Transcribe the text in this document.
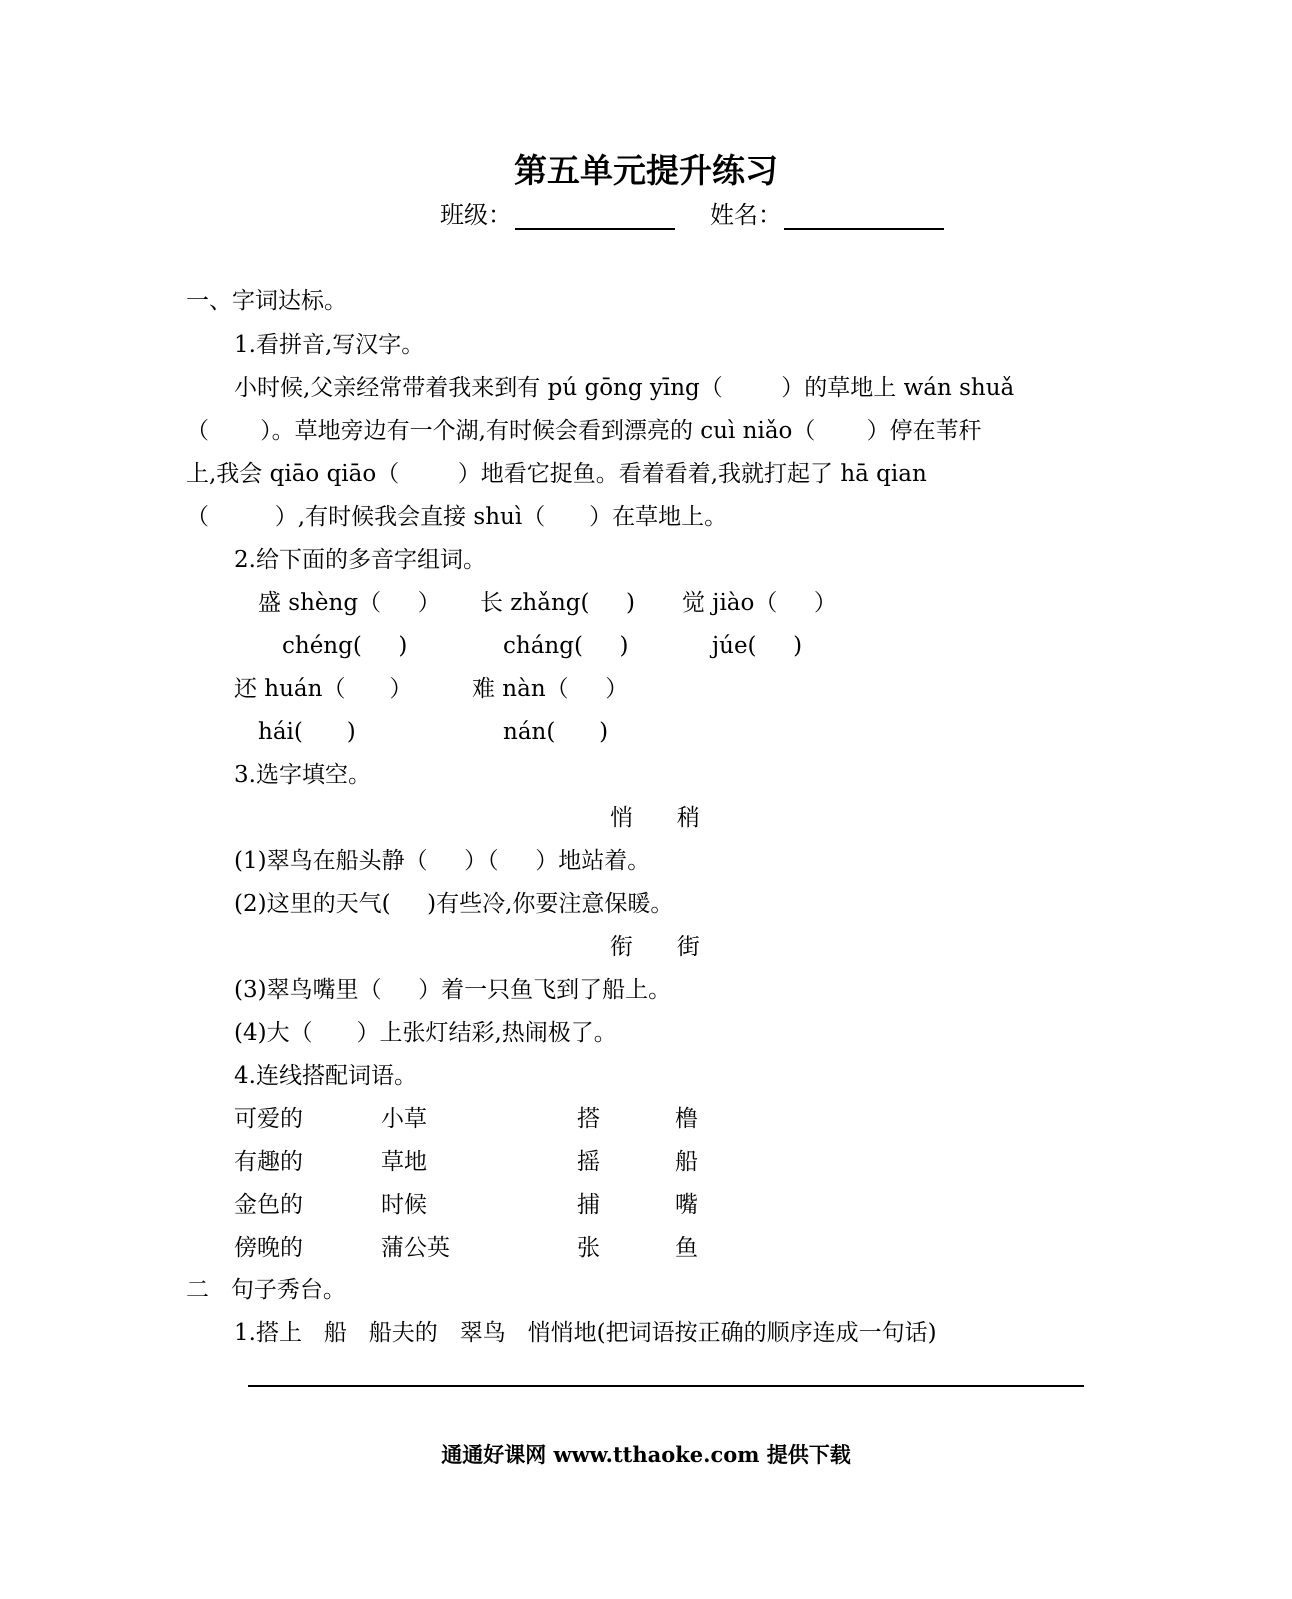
第五单元提升练习
班级：	姓名：
一、字词达标。
1.看拼音,写汉字。
小时候,父亲经常带着我来到有 pú gōng yīng（        ）的草地上 wán shuǎ
（       ）。草地旁边有一个湖,有时候会看到漂亮的 cuì niǎo（       ）停在苇秆
上,我会 qiāo qiāo（        ）地看它捉鱼。看着看着,我就打起了 hā qian
（         ）,有时候我会直接 shuì（      ）在草地上。
2.给下面的多音字组词。
盛 shèng（     ） 长 zhǎng(     ) 觉 jiào（     ）
chéng(     )	cháng(     )	júe(     )
还 huán（      ）	难 nàn（     ）
hái(      )	nán(      )
3.选字填空。
悄      稍
(1)翠鸟在船头静（     ）（     ）地站着。
(2)这里的天气(     )有些冷,你要注意保暖。
衔      街
(3)翠鸟嘴里（     ）着一只鱼飞到了船上。
(4)大（      ）上张灯结彩,热闹极了。
4.连线搭配词语。
可爱的	小草	搭	橹
有趣的	草地	摇	船
金色的	时候	捕	嘴
傍晚的	蒲公英	张	鱼
二   句子秀台。
1.搭上   船   船夫的   翠鸟   悄悄地(把词语按正确的顺序连成一句话)
通通好课网 www.tthaoke.com 提供下载
